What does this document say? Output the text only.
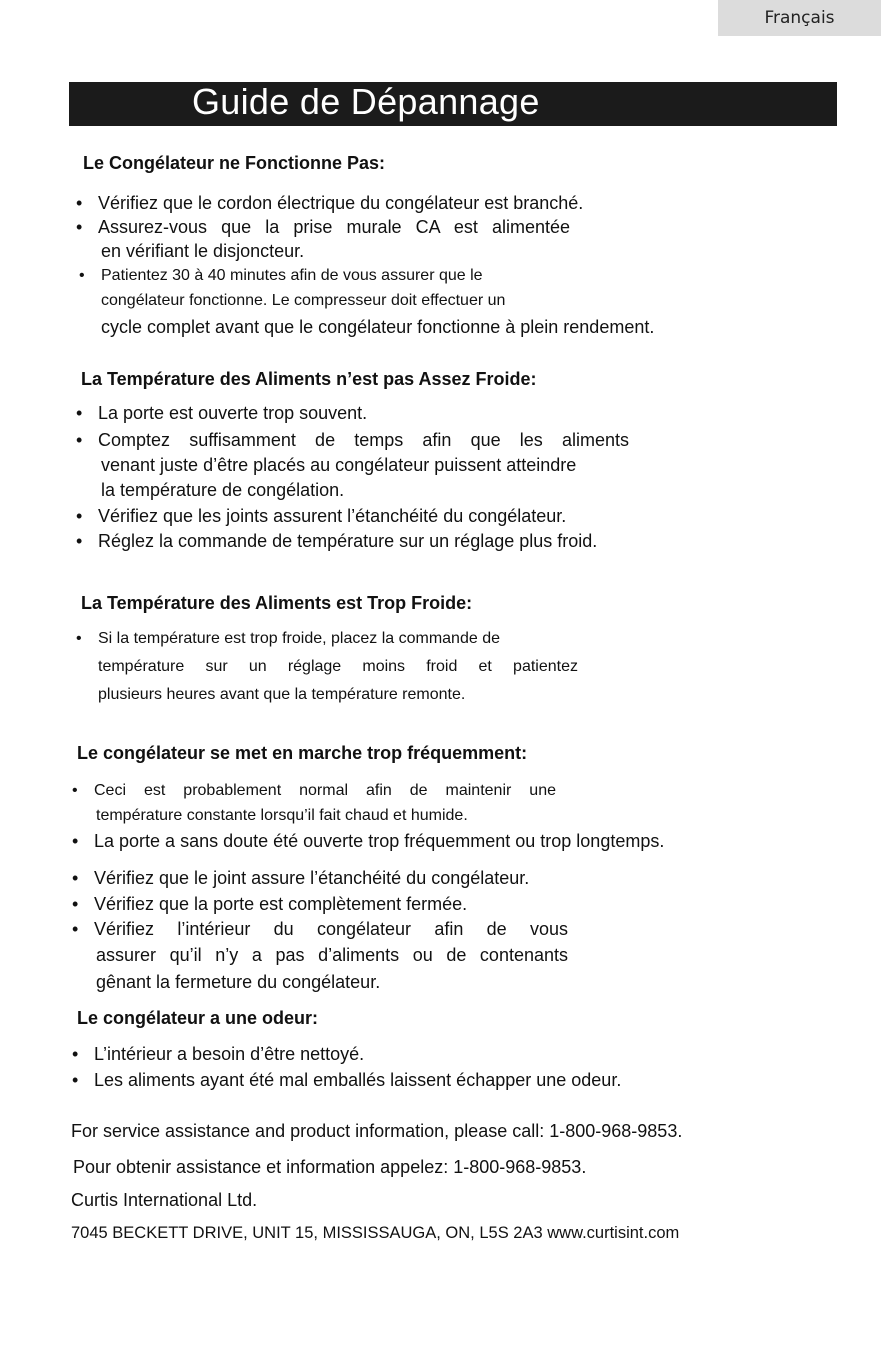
Français
Guide de Dépannage
Le Congélateur ne Fonctionne Pas:
• Vérifiez que le cordon électrique du congélateur est branché.
• Assurez-vous que la prise murale CA est alimentée
en vérifiant le disjoncteur.
• Patientez 30 à 40 minutes afin de vous assurer que le
congélateur fonctionne. Le compresseur doit effectuer un
cycle complet avant que le congélateur fonctionne à plein rendement.
La Température des Aliments n’est pas Assez Froide:
• La porte est ouverte trop souvent.
• Comptez suffisamment de temps afin que les aliments
venant juste d’être placés au congélateur puissent atteindre
la température de congélation.
• Vérifiez que les joints assurent l’étanchéité du congélateur.
• Réglez la commande de température sur un réglage plus froid.
La Température des Aliments est Trop Froide:
• Si la température est trop froide, placez la commande de
température sur un réglage moins froid et patientez
plusieurs heures avant que la température remonte.
Le congélateur se met en marche trop fréquemment:
• Ceci est probablement normal afin de maintenir une
température constante lorsqu’il fait chaud et humide.
• La porte a sans doute été ouverte trop fréquemment ou trop longtemps.
• Vérifiez que le joint assure l’étanchéité du congélateur.
• Vérifiez que la porte est complètement fermée.
• Vérifiez l’intérieur du congélateur afin de vous
assurer qu’il n’y a pas d’aliments ou de contenants
gênant la fermeture du congélateur.
Le congélateur a une odeur:
• L’intérieur a besoin d’être nettoyé.
• Les aliments ayant été mal emballés laissent échapper une odeur.
For service assistance and product information, please call: 1-800-968-9853.
Pour obtenir assistance et information appelez: 1-800-968-9853.
Curtis International Ltd.
7045 BECKETT DRIVE, UNIT 15, MISSISSAUGA, ON, L5S 2A3 www.curtisint.com
